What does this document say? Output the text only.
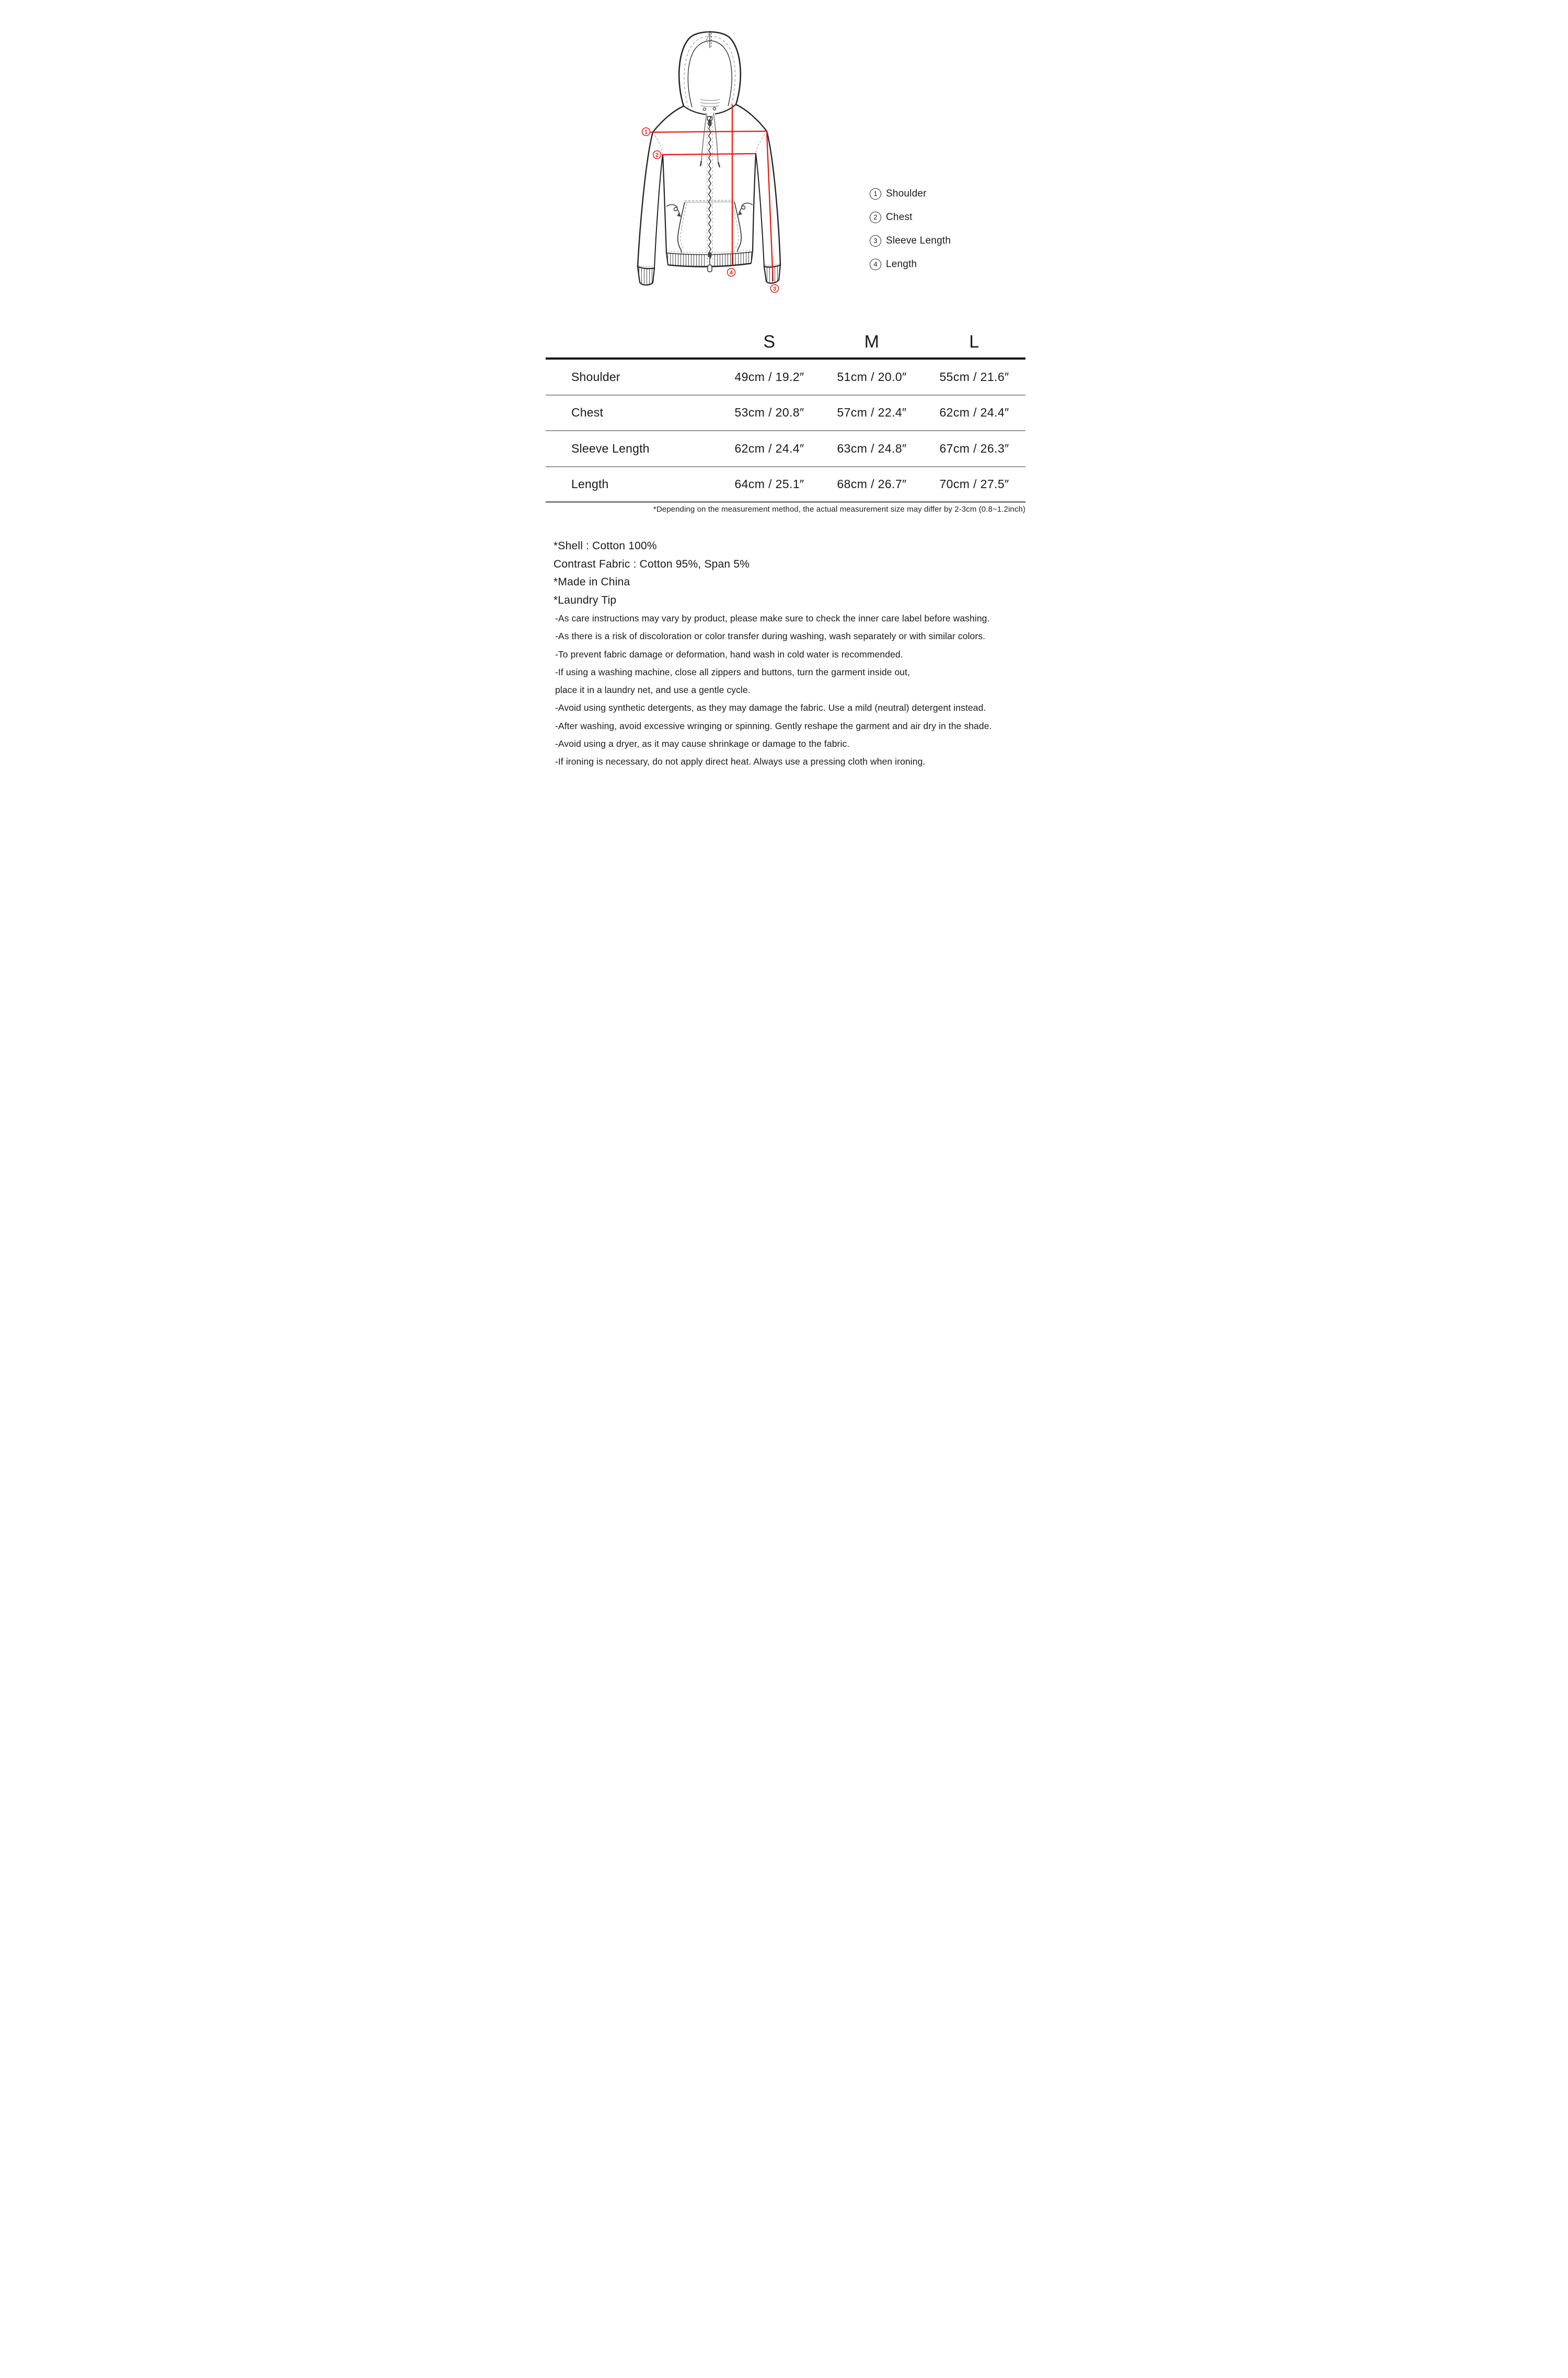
1
2
4
3
1 Shoulder
2 Chest
3 Sleeve Length
4 Length
S	M	L
Shoulder	49cm / 19.2″	51cm / 20.0″	55cm / 21.6″
Chest	53cm / 20.8″	57cm / 22.4″	62cm / 24.4″
Sleeve Length	62cm / 24.4″	63cm / 24.8″	67cm / 26.3″
Length	64cm / 25.1″	68cm / 26.7″	70cm / 27.5″
*Depending on the measurement method, the actual measurement size may differ by 2-3cm (0.8~1.2inch)
*Shell : Cotton 100%
Contrast Fabric : Cotton 95%, Span 5%
*Made in China
*Laundry Tip
-As care instructions may vary by product, please make sure to check the inner care label before washing.
-As there is a risk of discoloration or color transfer during washing, wash separately or with similar colors.
-To prevent fabric damage or deformation, hand wash in cold water is recommended.
-If using a washing machine, close all zippers and buttons, turn the garment inside out,
place it in a laundry net, and use a gentle cycle.
-Avoid using synthetic detergents, as they may damage the fabric. Use a mild (neutral) detergent instead.
-After washing, avoid excessive wringing or spinning. Gently reshape the garment and air dry in the shade.
-Avoid using a dryer, as it may cause shrinkage or damage to the fabric.
-If ironing is necessary, do not apply direct heat. Always use a pressing cloth when ironing.
